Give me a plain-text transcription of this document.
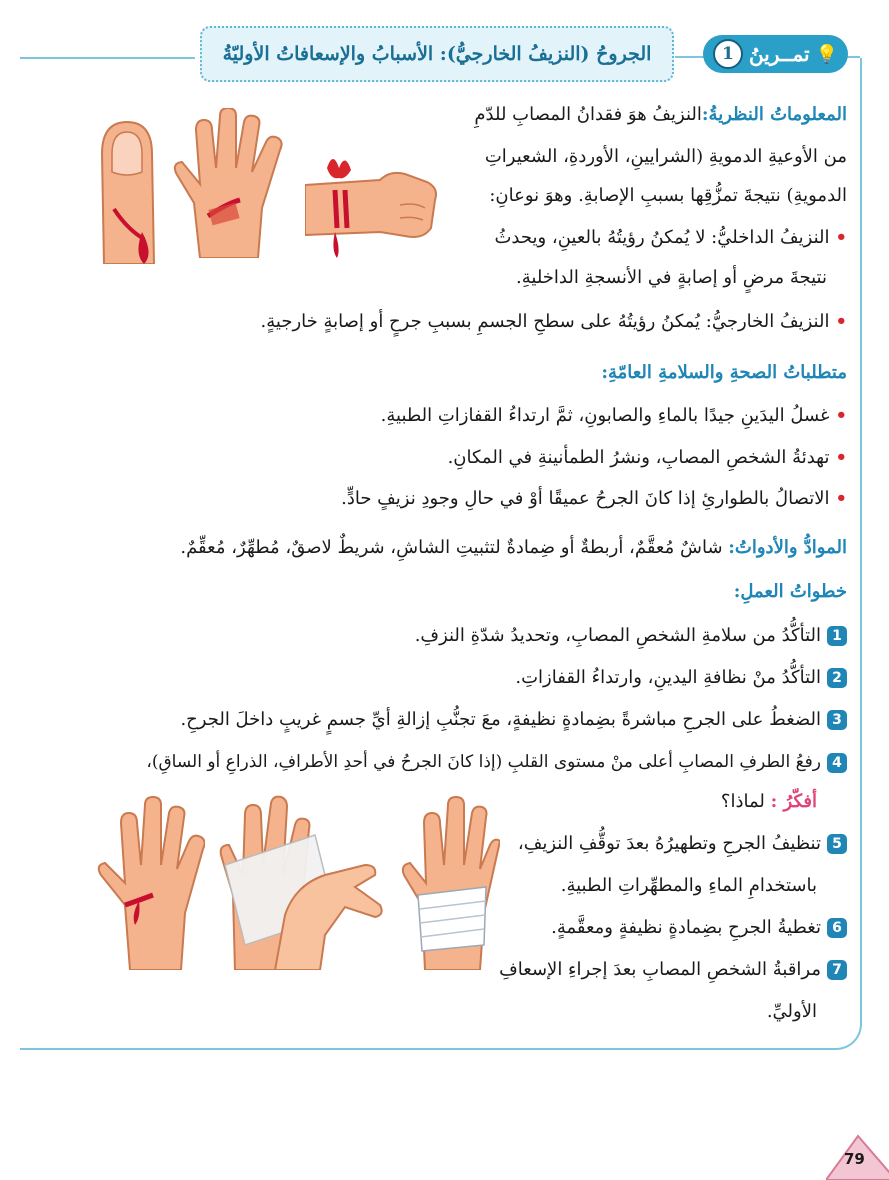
💡
تمــرينُ
1
الجروحُ (النزيفُ الخارجيُّ): الأسبابُ والإسعافاتُ الأوليّةُ
المعلوماتُ النظريةُ:النزيفُ هوَ فقدانُ المصابِ للدّمِ
من الأوعيةِ الدمويةِ (الشرايينِ، الأوردةِ، الشعيراتِ
الدمويةِ) نتيجةَ تمزُّقِها بسببِ الإصابةِ. وهوَ نوعانِ:
•النزيفُ الداخليُّ: لا يُمكنُ رؤيتُهُ بالعينِ، ويحدثُ
نتيجةَ مرضٍ أو إصابةٍ في الأنسجةِ الداخليةِ.
•النزيفُ الخارجيُّ: يُمكنُ رؤيتُهُ على سطحِ الجسمِ بسببِ جرحٍ أو إصابةٍ خارجيةٍ.
متطلباتُ الصحةِ والسلامةِ العامّةِ:
•غسلُ اليدَينِ جيدًا بالماءِ والصابونِ، ثمَّ ارتداءُ القفازاتِ الطبيةِ.
•تهدئةُ الشخصِ المصابِ، ونشرُ الطمأنينةِ في المكانِ.
•الاتصالُ بالطوارئِ إذا كانَ الجرحُ عميقًا أوْ في حالِ وجودِ نزيفٍ حادٍّ.
الموادُّ والأدواتُ: شاشٌ مُعقَّمٌ، أربطةٌ أو ضِمادةٌ لتثبيتِ الشاشِ، شريطٌ لاصقٌ، مُطهِّرٌ، مُعقِّمٌ.
خطواتُ العملِ:
1التأكُّدُ من سلامةِ الشخصِ المصابِ، وتحديدُ شدّةِ النزفِ.
2التأكُّدُ منْ نظافةِ اليدينِ، وارتداءُ القفازاتِ.
3الضغطُ على الجرحِ مباشرةً بضِمادةٍ نظيفةٍ، معَ تجنُّبِ إزالةِ أيِّ جسمٍ غريبٍ داخلَ الجرحِ.
4رفعُ الطرفِ المصابِ أعلى منْ مستوى القلبِ (إذا كانَ الجرحُ في أحدِ الأطرافِ، الذراعِ أو الساقِ)،
أفكّرُ : لماذا؟
5تنظيفُ الجرحِ وتطهيرُهُ بعدَ توقُّفِ النزيفِ،
باستخدامِ الماءِ والمطهِّراتِ الطبيةِ.
6تغطيةُ الجرحِ بضِمادةٍ نظيفةٍ ومعقَّمةٍ.
7مراقبةُ الشخصِ المصابِ بعدَ إجراءِ الإسعافِ
الأوليِّ.
79
